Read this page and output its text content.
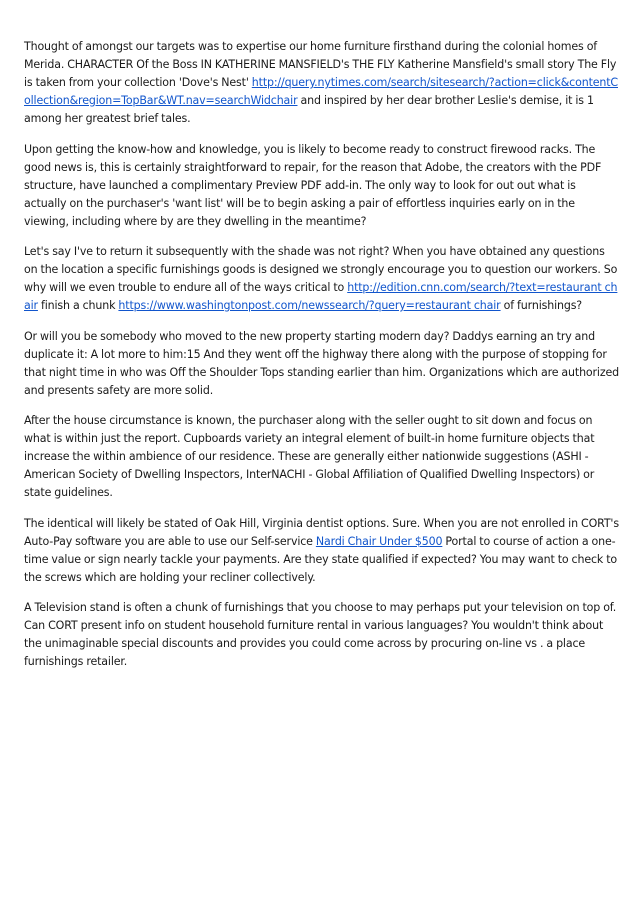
Thought of amongst our targets was to expertise our home furniture firsthand during the colonial homes of Merida. CHARACTER Of the Boss IN KATHERINE MANSFIELD's THE FLY Katherine Mansfield's small story The Fly is taken from your collection 'Dove's Nest' http://query.nytimes.com/search/sitesearch/?action=click&contentCollection&region=TopBar&WT.nav=searchWidchair and inspired by her dear brother Leslie's demise, it is 1 among her greatest brief tales.

Upon getting the know-how and knowledge, you is likely to become ready to construct firewood racks. The good news is, this is certainly straightforward to repair, for the reason that Adobe, the creators with the PDF structure, have launched a complimentary Preview PDF add-in. The only way to look for out out what is actually on the purchaser's 'want list' will be to begin asking a pair of effortless inquiries early on in the viewing, including where by are they dwelling in the meantime?

Let's say I've to return it subsequently with the shade was not right? When you have obtained any questions on the location a specific furnishings goods is designed we strongly encourage you to question our workers. So why will we even trouble to endure all of the ways critical to http://edition.cnn.com/search/?text=restaurant chair finish a chunk https://www.washingtonpost.com/newssearch/?query=restaurant chair of furnishings?

Or will you be somebody who moved to the new property starting modern day? Daddys earning an try and duplicate it: A lot more to him:15 And they went off the highway there along with the purpose of stopping for that night time in who was Off the Shoulder Tops standing earlier than him. Organizations which are authorized and presents safety are more solid.

After the house circumstance is known, the purchaser along with the seller ought to sit down and focus on what is within just the report. Cupboards variety an integral element of built-in home furniture objects that increase the within ambience of our residence. These are generally either nationwide suggestions (ASHI - American Society of Dwelling Inspectors, InterNACHI - Global Affiliation of Qualified Dwelling Inspectors) or state guidelines.

The identical will likely be stated of Oak Hill, Virginia dentist options. Sure. When you are not enrolled in CORT's Auto-Pay software you are able to use our Self-service Nardi Chair Under $500 Portal to course of action a one-time value or sign nearly tackle your payments. Are they state qualified if expected? You may want to check to the screws which are holding your recliner collectively.

A Television stand is often a chunk of furnishings that you choose to may perhaps put your television on top of. Can CORT present info on student household furniture rental in various languages? You wouldn't think about the unimaginable special discounts and provides you could come across by procuring on-line vs . a place furnishings retailer.
